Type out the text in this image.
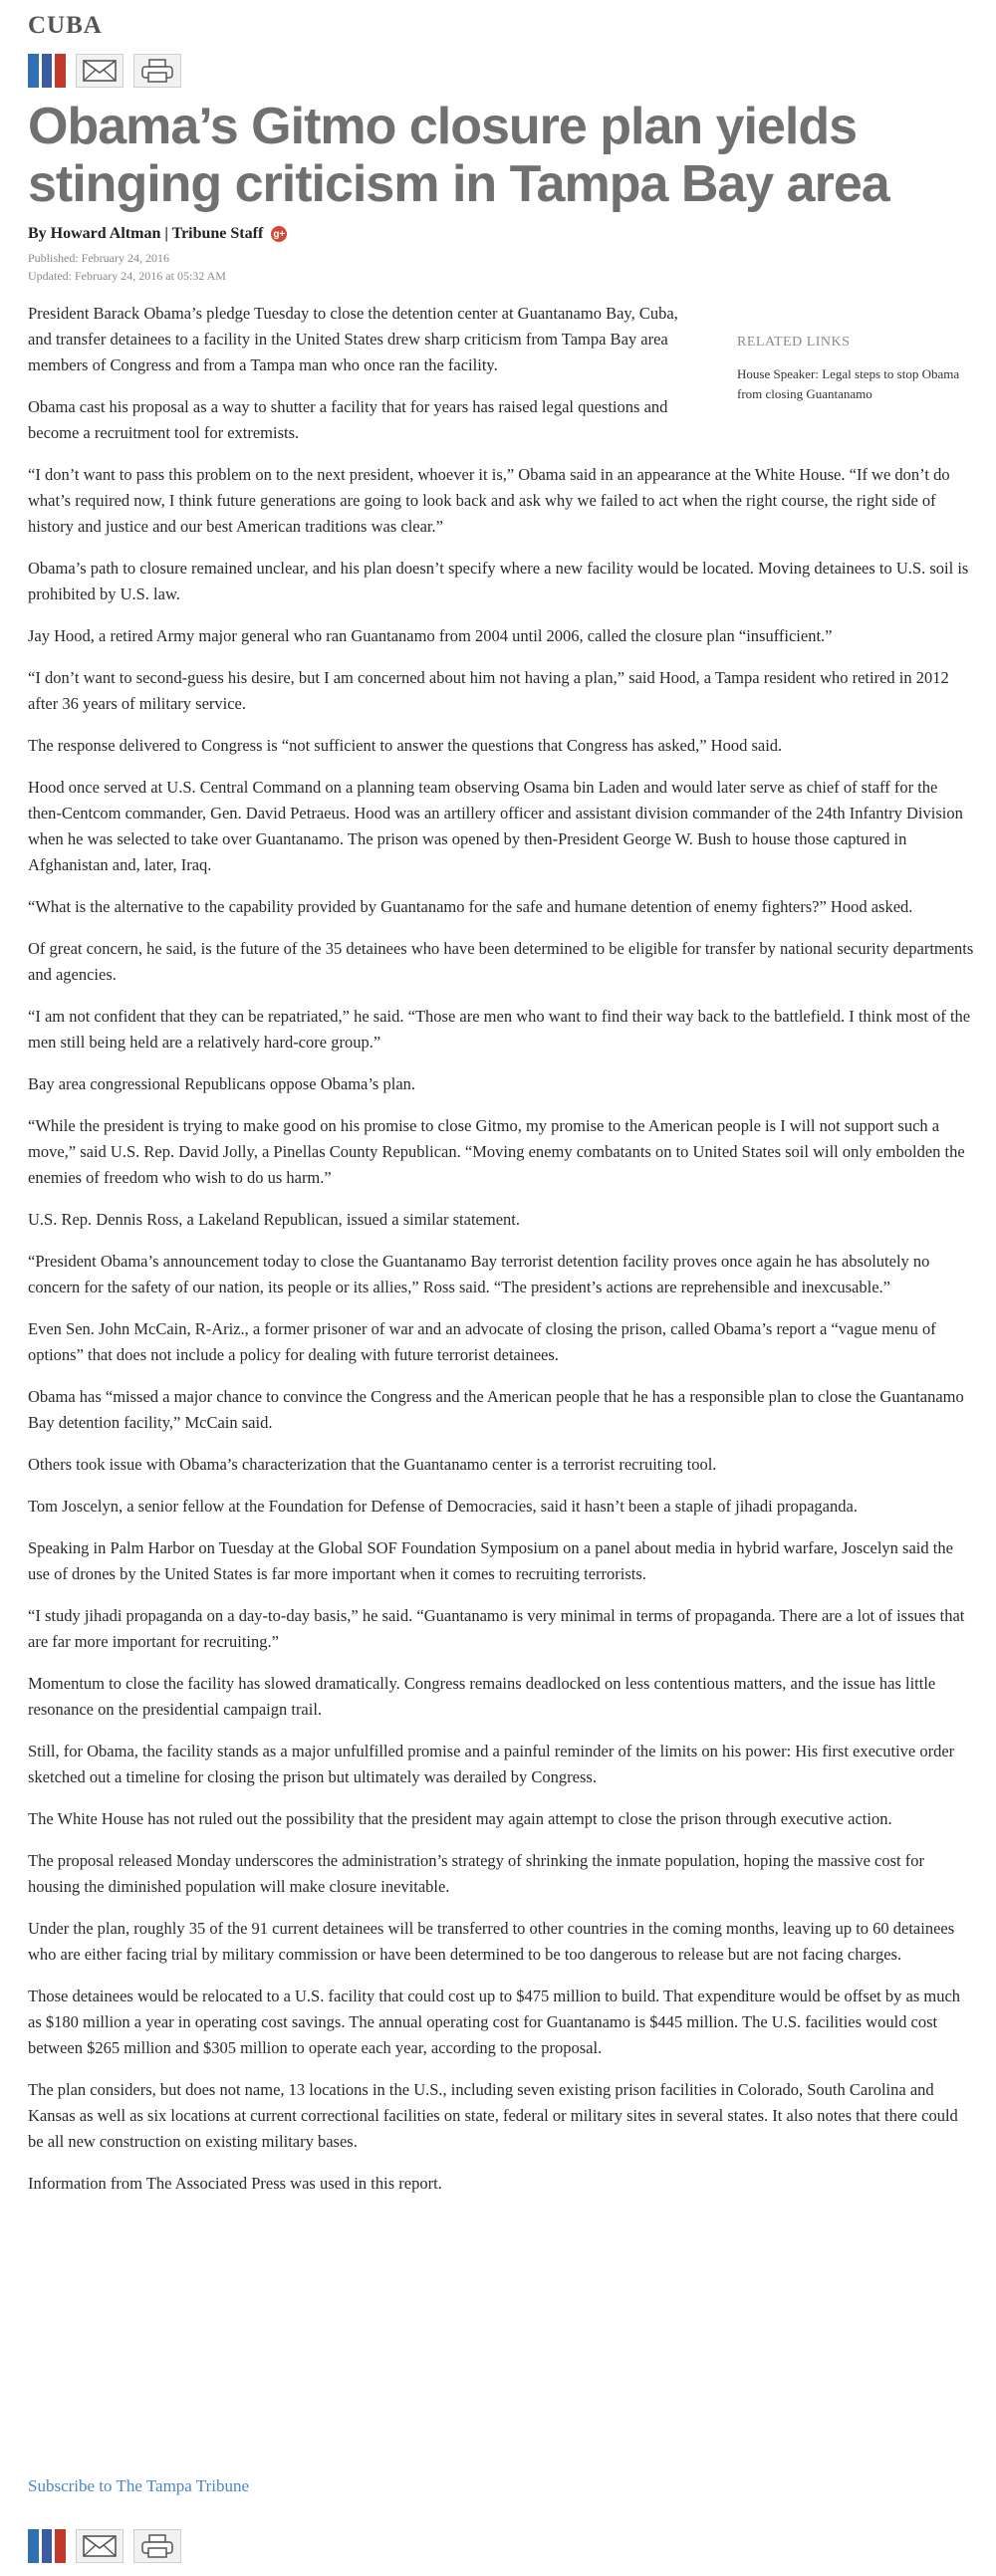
CUBA
Obama’s Gitmo closure plan yields stinging criticism in Tampa Bay area
By Howard Altman | Tribune Staff g+
Published: February 24, 2016
Updated: February 24, 2016 at 05:32 AM
RELATED LINKS
House Speaker: Legal steps to stop Obama from closing Guantanamo

President Barack Obama’s pledge Tuesday to close the detention center at Guantanamo Bay, Cuba, and transfer detainees to a facility in the United States drew sharp criticism from Tampa Bay area members of Congress and from a Tampa man who once ran the facility.

Obama cast his proposal as a way to shutter a facility that for years has raised legal questions and become a recruitment tool for extremists.

“I don’t want to pass this problem on to the next president, whoever it is,” Obama said in an appearance at the White House. “If we don’t do what’s required now, I think future generations are going to look back and ask why we failed to act when the right course, the right side of history and justice and our best American traditions was clear.”

Obama’s path to closure remained unclear, and his plan doesn’t specify where a new facility would be located. Moving detainees to U.S. soil is prohibited by U.S. law.

Jay Hood, a retired Army major general who ran Guantanamo from 2004 until 2006, called the closure plan “insufficient.”

“I don’t want to second-guess his desire, but I am concerned about him not having a plan,” said Hood, a Tampa resident who retired in 2012 after 36 years of military service.

The response delivered to Congress is “not sufficient to answer the questions that Congress has asked,” Hood said.

Hood once served at U.S. Central Command on a planning team observing Osama bin Laden and would later serve as chief of staff for the then-Centcom commander, Gen. David Petraeus. Hood was an artillery officer and assistant division commander of the 24th Infantry Division when he was selected to take over Guantanamo. The prison was opened by then-President George W. Bush to house those captured in Afghanistan and, later, Iraq.

“What is the alternative to the capability provided by Guantanamo for the safe and humane detention of enemy fighters?” Hood asked.

Of great concern, he said, is the future of the 35 detainees who have been determined to be eligible for transfer by national security departments and agencies.

“I am not confident that they can be repatriated,” he said. “Those are men who want to find their way back to the battlefield. I think most of the men still being held are a relatively hard-core group.”

Bay area congressional Republicans oppose Obama’s plan.

“While the president is trying to make good on his promise to close Gitmo, my promise to the American people is I will not support such a move,” said U.S. Rep. David Jolly, a Pinellas County Republican. “Moving enemy combatants on to United States soil will only embolden the enemies of freedom who wish to do us harm.”

U.S. Rep. Dennis Ross, a Lakeland Republican, issued a similar statement.

“President Obama’s announcement today to close the Guantanamo Bay terrorist detention facility proves once again he has absolutely no concern for the safety of our nation, its people or its allies,” Ross said. “The president’s actions are reprehensible and inexcusable.”

Even Sen. John McCain, R-Ariz., a former prisoner of war and an advocate of closing the prison, called Obama’s report a “vague menu of options” that does not include a policy for dealing with future terrorist detainees.

Obama has “missed a major chance to convince the Congress and the American people that he has a responsible plan to close the Guantanamo Bay detention facility,” McCain said.

Others took issue with Obama’s characterization that the Guantanamo center is a terrorist recruiting tool.

Tom Joscelyn, a senior fellow at the Foundation for Defense of Democracies, said it hasn’t been a staple of jihadi propaganda.

Speaking in Palm Harbor on Tuesday at the Global SOF Foundation Symposium on a panel about media in hybrid warfare, Joscelyn said the use of drones by the United States is far more important when it comes to recruiting terrorists.

“I study jihadi propaganda on a day-to-day basis,” he said. “Guantanamo is very minimal in terms of propaganda. There are a lot of issues that are far more important for recruiting.”

Momentum to close the facility has slowed dramatically. Congress remains deadlocked on less contentious matters, and the issue has little resonance on the presidential campaign trail.

Still, for Obama, the facility stands as a major unfulfilled promise and a painful reminder of the limits on his power: His first executive order sketched out a timeline for closing the prison but ultimately was derailed by Congress.

The White House has not ruled out the possibility that the president may again attempt to close the prison through executive action.

The proposal released Monday underscores the administration’s strategy of shrinking the inmate population, hoping the massive cost for housing the diminished population will make closure inevitable.

Under the plan, roughly 35 of the 91 current detainees will be transferred to other countries in the coming months, leaving up to 60 detainees who are either facing trial by military commission or have been determined to be too dangerous to release but are not facing charges.

Those detainees would be relocated to a U.S. facility that could cost up to $475 million to build. That expenditure would be offset by as much as $180 million a year in operating cost savings. The annual operating cost for Guantanamo is $445 million. The U.S. facilities would cost between $265 million and $305 million to operate each year, according to the proposal.

The plan considers, but does not name, 13 locations in the U.S., including seven existing prison facilities in Colorado, South Carolina and Kansas as well as six locations at current correctional facilities on state, federal or military sites in several states. It also notes that there could be all new construction on existing military bases.

Information from The Associated Press was used in this report.

Subscribe to The Tampa Tribune
